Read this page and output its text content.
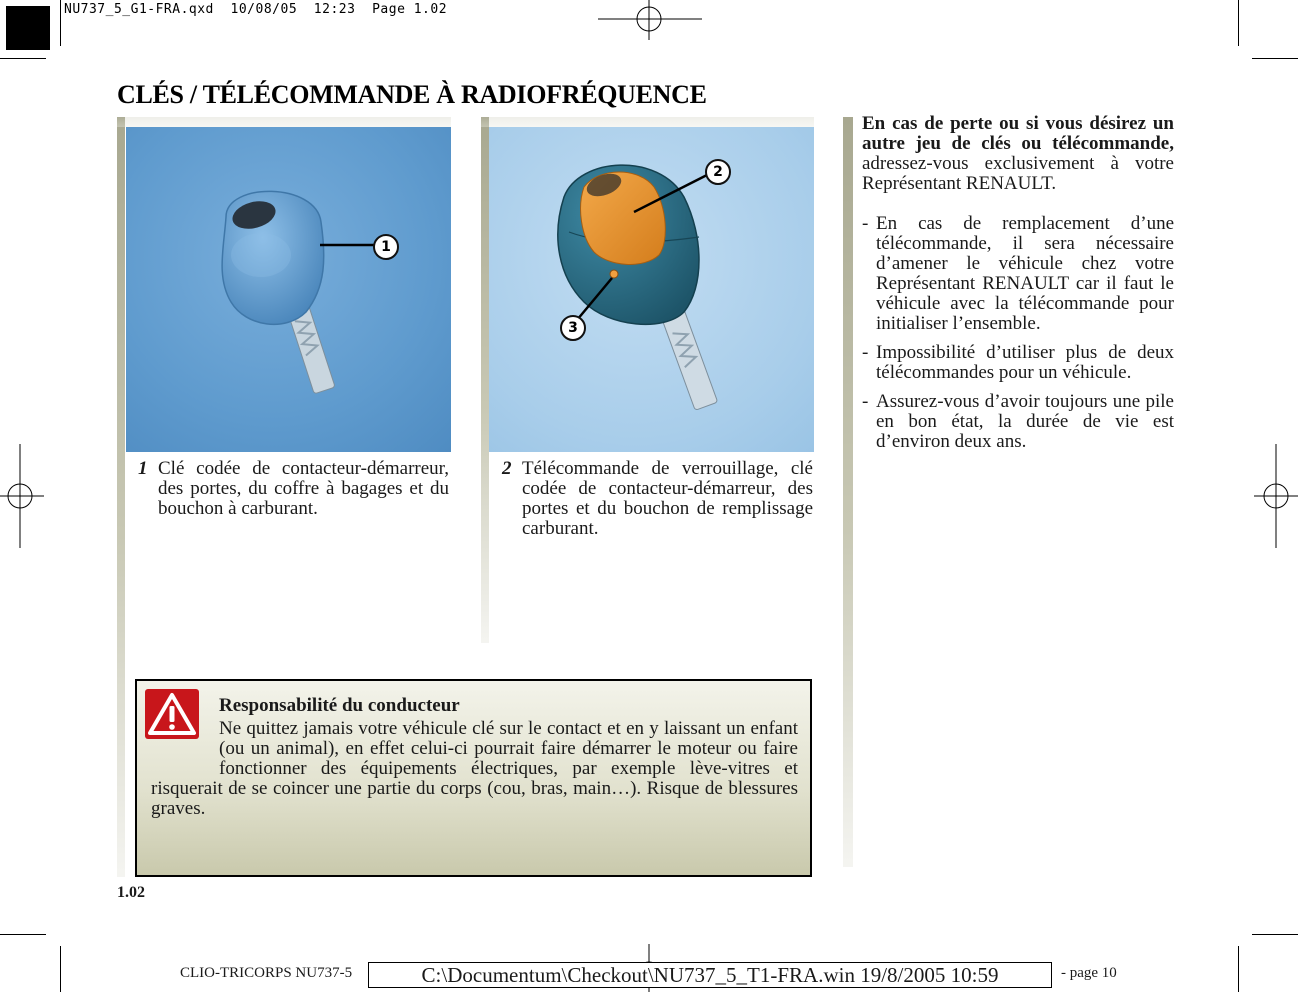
NU737_5_G1-FRA.qxd  10/08/05  12:23  Page 1.02
CLÉS / TÉLÉCOMMANDE À RADIOFRÉQUENCE
1
2
3
1 Clé codée de contacteur-démarreur, des portes, du coffre à bagages et du bouchon à carburant.
2 Télécommande de verrouillage, clé codée de contacteur-démarreur, des portes et du bouchon de remplissage carburant.

En cas de perte ou si vous désirez un autre jeu de clés ou télécommande, adressez-vous exclusivement à votre Représentant RENAULT.

- En cas de remplacement d’une télécommande, il sera nécessaire d’amener le véhicule chez votre Représentant RENAULT car il faut le véhicule avec la télécommande pour initialiser l’ensemble.
- Impossibilité d’utiliser plus de deux télécommandes pour un véhicule.
- Assurez-vous d’avoir toujours une pile en bon état, la durée de vie est d’environ deux ans.
Responsabilité du conducteur
Ne quittez jamais votre véhicule clé sur le contact et en y laissant un enfant (ou un animal), en effet celui-ci pourrait faire démarrer le moteur ou faire fonctionner des équipements électriques, par exemple lève-vitres et risquerait de se coincer une partie du corps (cou, bras, main…). Risque de blessures graves.
1.02
CLIO-TRICORPS NU737-5	C:\Documentum\Checkout\NU737_5_T1-FRA.win 19/8/2005 10:59	- page 10
